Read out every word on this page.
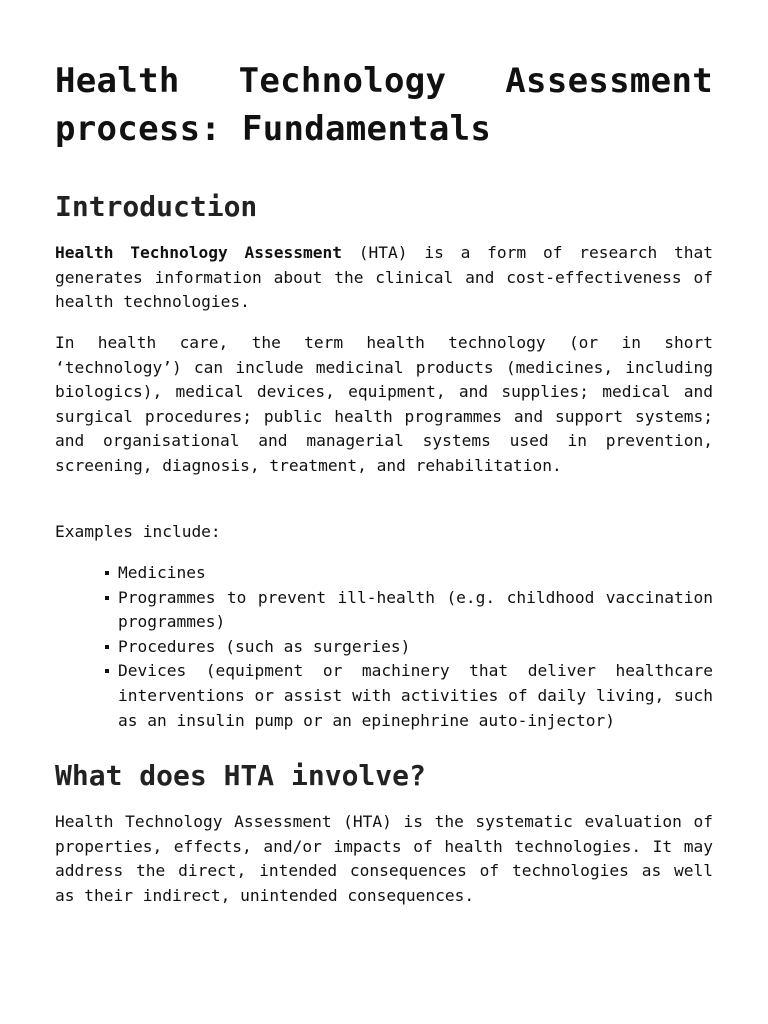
Health Technology Assessment process: Fundamentals
Introduction

Health Technology Assessment (HTA) is a form of research that generates information about the clinical and cost-effectiveness of health technologies.

In health care, the term health technology (or in short ‘technology’) can include medicinal products (medicines, including biologics), medical devices, equipment, and supplies; medical and surgical procedures; public health programmes and support systems; and organisational and managerial systems used in prevention, screening, diagnosis, treatment, and rehabilitation.

Examples include:

Medicines
Programmes to prevent ill-health (e.g. childhood vaccination programmes)
Procedures (such as surgeries)
Devices (equipment or machinery that deliver healthcare interventions or assist with activities of daily living, such as an insulin pump or an epinephrine auto-injector)
What does HTA involve?

Health Technology Assessment (HTA) is the systematic evaluation of properties, effects, and/or impacts of health technologies. It may address the direct, intended consequences of technologies as well as their indirect, unintended consequences.
